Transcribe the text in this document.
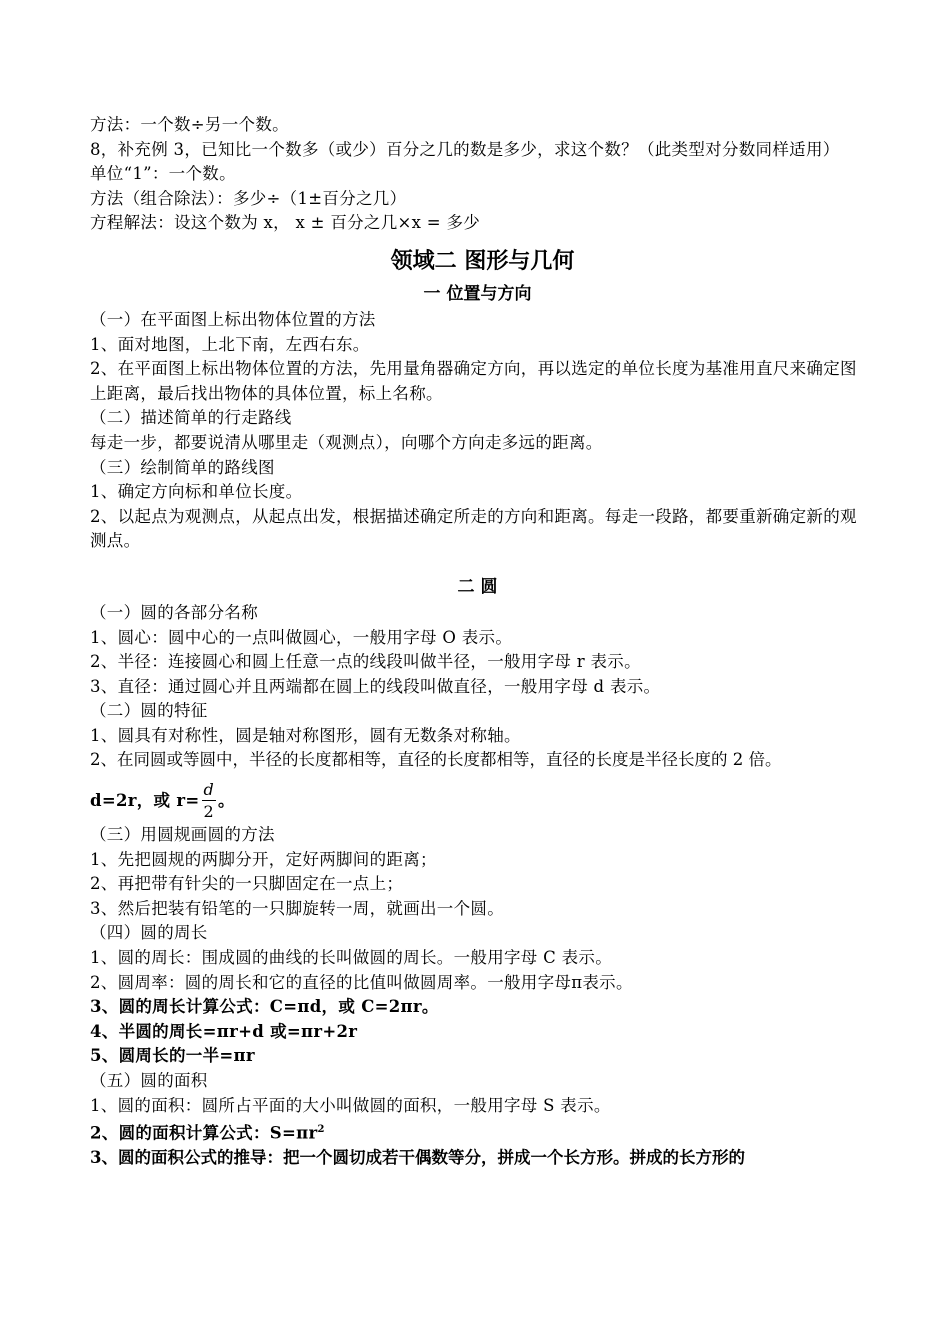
方法：一个数÷另一个数。
8，补充例 3，已知比一个数多（或少）百分之几的数是多少，求这个数？（此类型对分数同样适用）
单位“1”：一个数。
方法（组合除法）：多少÷（1±百分之几）
方程解法：设这个数为 x， x ± 百分之几×x = 多少
领域二 图形与几何
一 位置与方向
（一）在平面图上标出物体位置的方法
1、面对地图，上北下南，左西右东。
2、在平面图上标出物体位置的方法，先用量角器确定方向，再以选定的单位长度为基准用直尺来确定图上距离，最后找出物体的具体位置，标上名称。
（二）描述简单的行走路线
每走一步，都要说清从哪里走（观测点），向哪个方向走多远的距离。
（三）绘制简单的路线图
1、确定方向标和单位长度。
2、以起点为观测点，从起点出发，根据描述确定所走的方向和距离。每走一段路，都要重新确定新的观测点。
二 圆
（一）圆的各部分名称
1、圆心：圆中心的一点叫做圆心，一般用字母 O 表示。
2、半径：连接圆心和圆上任意一点的线段叫做半径，一般用字母 r 表示。
3、直径：通过圆心并且两端都在圆上的线段叫做直径，一般用字母 d 表示。
（二）圆的特征
1、圆具有对称性，圆是轴对称图形，圆有无数条对称轴。
2、在同圆或等圆中，半径的长度都相等，直径的长度都相等，直径的长度是半径长度的 2 倍。
d=2r，或 $r= \frac{d}{2}$ 。
（三）用圆规画圆的方法
1、先把圆规的两脚分开，定好两脚间的距离；
2、再把带有针尖的一只脚固定在一点上；
3、然后把装有铅笔的一只脚旋转一周，就画出一个圆。
（四）圆的周长
1、圆的周长：围成圆的曲线的长叫做圆的周长。一般用字母 C 表示。
2、圆周率：圆的周长和它的直径的比值叫做圆周率。一般用字母π表示。
3、圆的周长计算公式：C=πd，或 C=2πr。
4、半圆的周长=πr+d 或=πr+2r
5、圆周长的一半=πr
（五）圆的面积
1、圆的面积：圆所占平面的大小叫做圆的面积，一般用字母 S 表示。
2、圆的面积计算公式：$S=\pi r^2$
3、圆的面积公式的推导：把一个圆切成若干偶数等分，拼成一个长方形。拼成的长方形的
